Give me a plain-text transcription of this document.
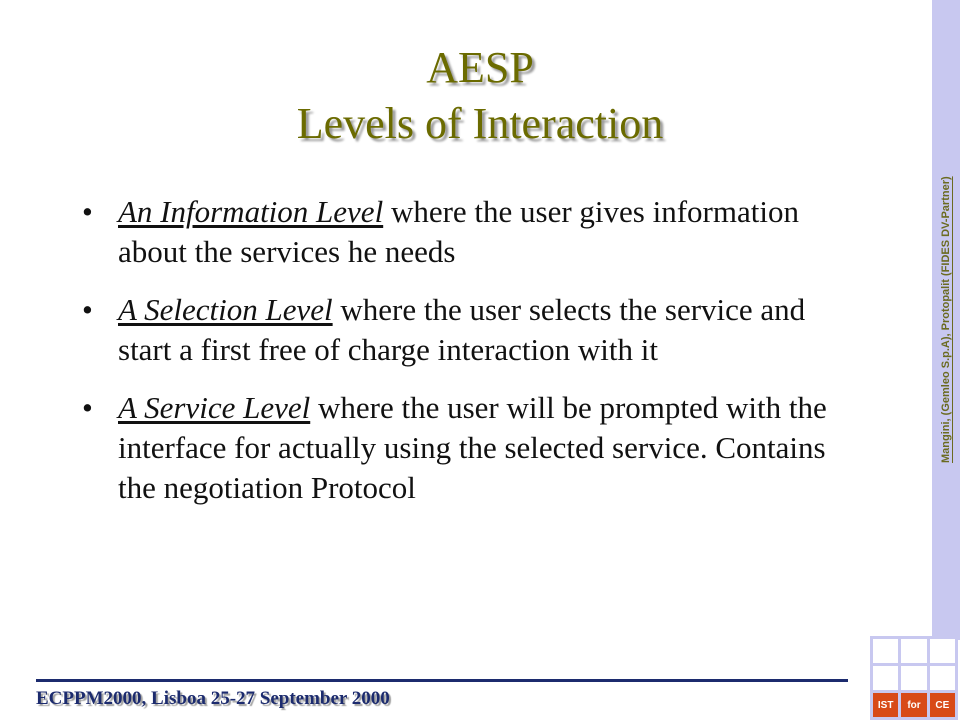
AESP
Levels of Interaction
• An Information Level where the user gives information about the services he needs
• A Selection Level where the user selects the service and start a first free of charge interaction with it
• A Service Level where the user will be prompted with the interface for actually using the selected service. Contains the negotiation Protocol
Mangini, (Gemleo S.p.A), Protopalit (FIDES DV-Partner)
IST	for	CE
ECPPM2000, Lisboa 25-27 September 2000
